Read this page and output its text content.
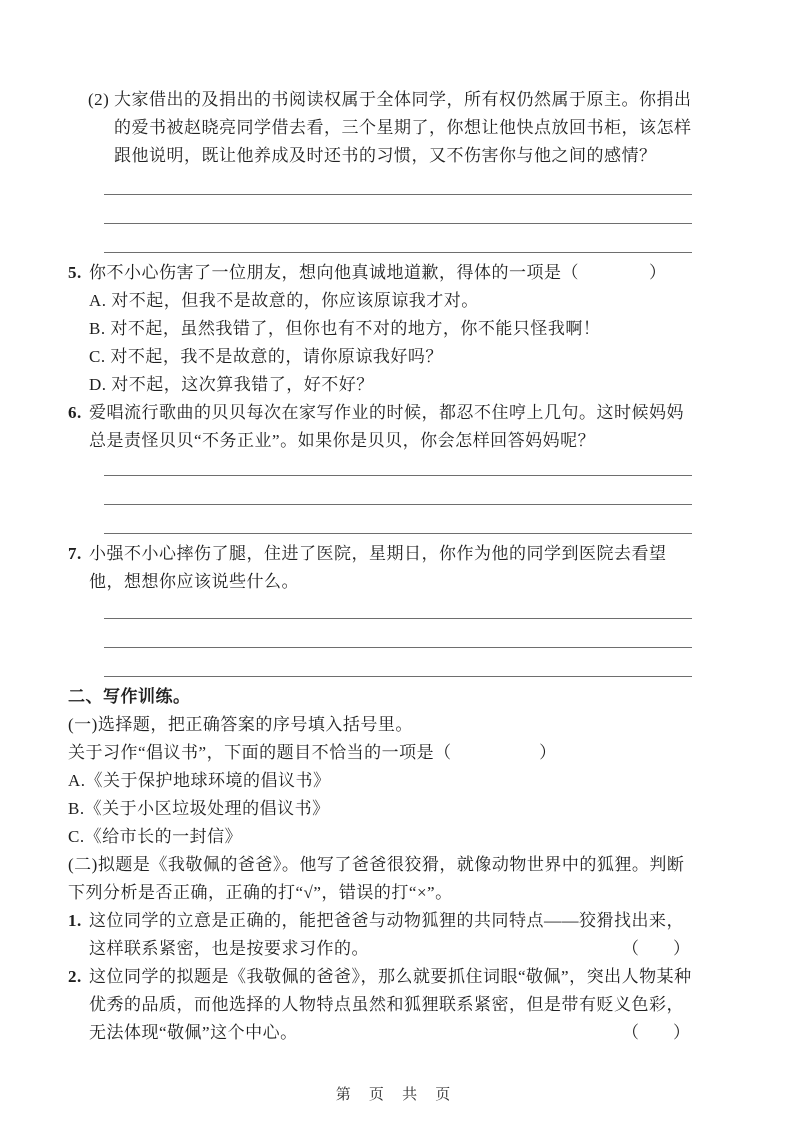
(2) 大家借出的及捐出的书阅读权属于全体同学，所有权仍然属于原主。你捐出的爱书被赵晓亮同学借去看，三个星期了，你想让他快点放回书柜，该怎样跟他说明，既让他养成及时还书的习惯，又不伤害你与他之间的感情？
5. 你不小心伤害了一位朋友，想向他真诚地道歉，得体的一项是（　　　　）
A. 对不起，但我不是故意的，你应该原谅我才对。
B. 对不起，虽然我错了，但你也有不对的地方，你不能只怪我啊！
C. 对不起，我不是故意的，请你原谅我好吗？
D. 对不起，这次算我错了，好不好？
6. 爱唱流行歌曲的贝贝每次在家写作业的时候，都忍不住哼上几句。这时候妈妈总是责怪贝贝“不务正业”。如果你是贝贝，你会怎样回答妈妈呢？
7. 小强不小心摔伤了腿，住进了医院，星期日，你作为他的同学到医院去看望他，想想你应该说些什么。
二、写作训练。
(一)选择题，把正确答案的序号填入括号里。
关于习作“倡议书”，下面的题目不恰当的一项是（　　　　　）
A.《关于保护地球环境的倡议书》
B.《关于小区垃圾处理的倡议书》
C.《给市长的一封信》
(二)拟题是《我敬佩的爸爸》。他写了爸爸很狡猾，就像动物世界中的狐狸。判断下列分析是否正确，正确的打“√”，错误的打“×”。
1. 这位同学的立意是正确的，能把爸爸与动物狐狸的共同特点——狡猾找出来，这样联系紧密，也是按要求习作的。	（　　）
2. 这位同学的拟题是《我敬佩的爸爸》，那么就要抓住词眼“敬佩”，突出人物某种优秀的品质，而他选择的人物特点虽然和狐狸联系紧密，但是带有贬义色彩，无法体现“敬佩”这个中心。	（　　）
第 页 共 页
